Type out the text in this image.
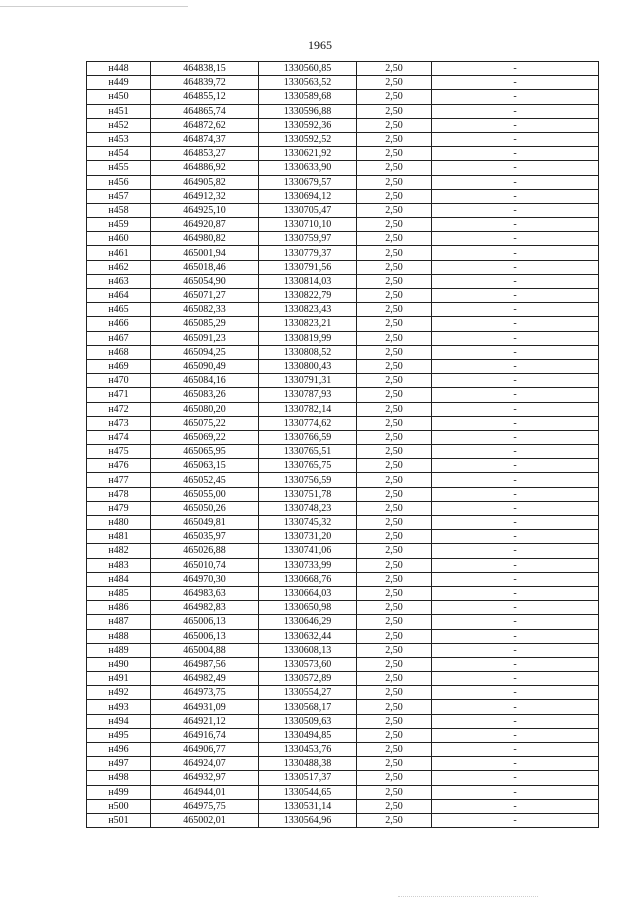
1965
н448	464838,15	1330560,85	2,50	-
н449	464839,72	1330563,52	2,50	-
н450	464855,12	1330589,68	2,50	-
н451	464865,74	1330596,88	2,50	-
н452	464872,62	1330592,36	2,50	-
н453	464874,37	1330592,52	2,50	-
н454	464853,27	1330621,92	2,50	-
н455	464886,92	1330633,90	2,50	-
н456	464905,82	1330679,57	2,50	-
н457	464912,32	1330694,12	2,50	-
н458	464925,10	1330705,47	2,50	-
н459	464920,87	1330710,10	2,50	-
н460	464980,82	1330759,97	2,50	-
н461	465001,94	1330779,37	2,50	-
н462	465018,46	1330791,56	2,50	-
н463	465054,90	1330814,03	2,50	-
н464	465071,27	1330822,79	2,50	-
н465	465082,33	1330823,43	2,50	-
н466	465085,29	1330823,21	2,50	-
н467	465091,23	1330819,99	2,50	-
н468	465094,25	1330808,52	2,50	-
н469	465090,49	1330800,43	2,50	-
н470	465084,16	1330791,31	2,50	-
н471	465083,26	1330787,93	2,50	-
н472	465080,20	1330782,14	2,50	-
н473	465075,22	1330774,62	2,50	-
н474	465069,22	1330766,59	2,50	-
н475	465065,95	1330765,51	2,50	-
н476	465063,15	1330765,75	2,50	-
н477	465052,45	1330756,59	2,50	-
н478	465055,00	1330751,78	2,50	-
н479	465050,26	1330748,23	2,50	-
н480	465049,81	1330745,32	2,50	-
н481	465035,97	1330731,20	2,50	-
н482	465026,88	1330741,06	2,50	-
н483	465010,74	1330733,99	2,50	-
н484	464970,30	1330668,76	2,50	-
н485	464983,63	1330664,03	2,50	-
н486	464982,83	1330650,98	2,50	-
н487	465006,13	1330646,29	2,50	-
н488	465006,13	1330632,44	2,50	-
н489	465004,88	1330608,13	2,50	-
н490	464987,56	1330573,60	2,50	-
н491	464982,49	1330572,89	2,50	-
н492	464973,75	1330554,27	2,50	-
н493	464931,09	1330568,17	2,50	-
н494	464921,12	1330509,63	2,50	-
н495	464916,74	1330494,85	2,50	-
н496	464906,77	1330453,76	2,50	-
н497	464924,07	1330488,38	2,50	-
н498	464932,97	1330517,37	2,50	-
н499	464944,01	1330544,65	2,50	-
н500	464975,75	1330531,14	2,50	-
н501	465002,01	1330564,96	2,50	-
